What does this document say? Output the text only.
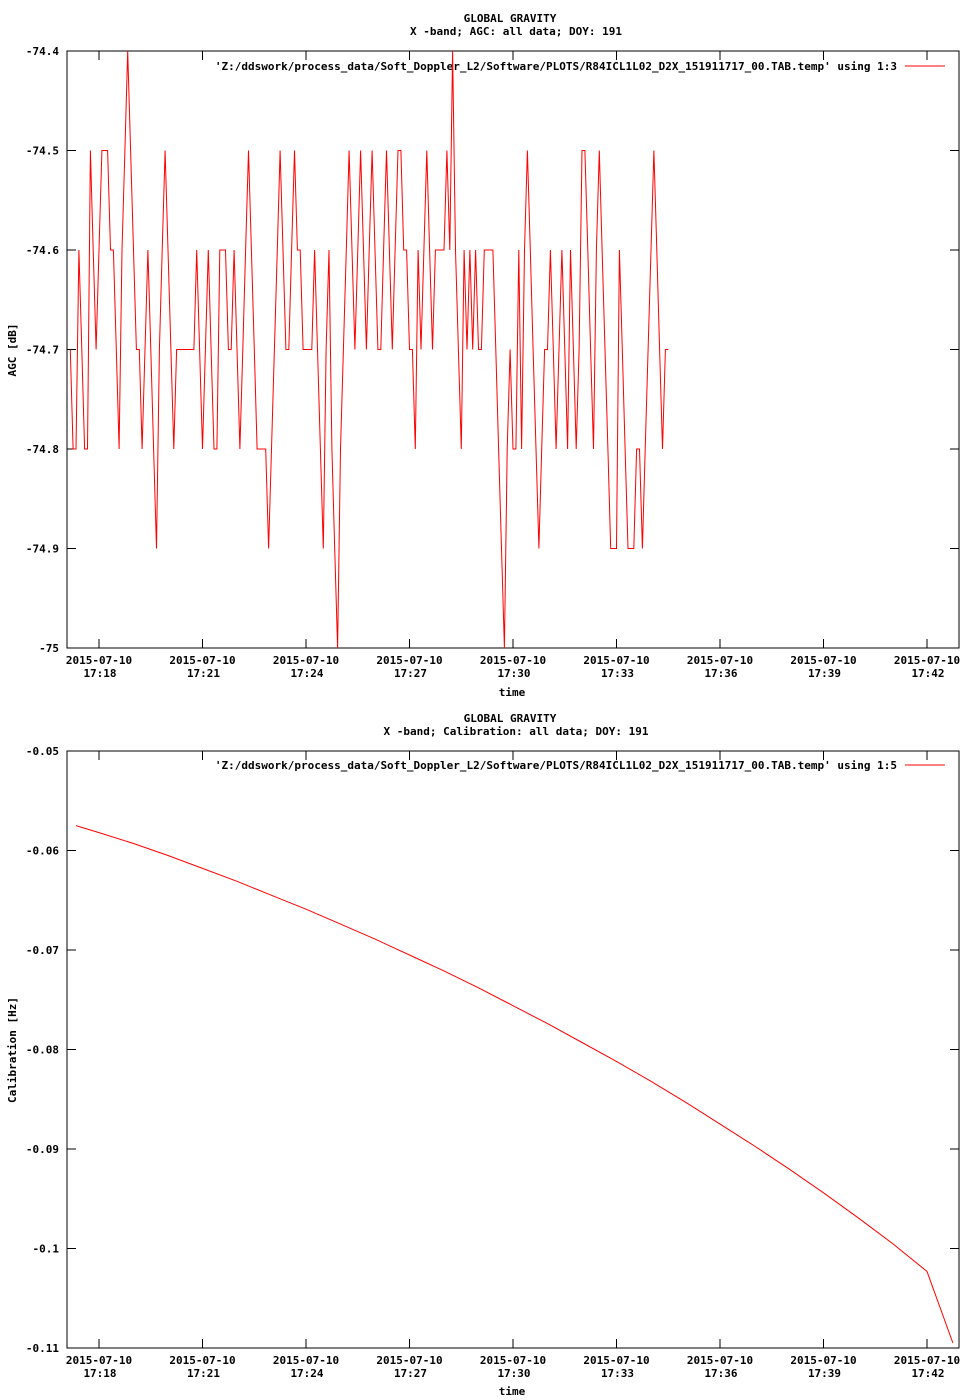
GLOBAL GRAVITY
X -band; AGC: all data; DOY: 191
'Z:/ddswork/process_data/Soft_Doppler_L2/Software/PLOTS/R84ICL1L02_D2X_151911717_00.TAB.temp' using 1:3
time
AGC [dB]
-74.4
-74.5
-74.6
-74.7
-74.8
-74.9
-75
2015-07-10
17:18
2015-07-10
17:21
2015-07-10
17:24
2015-07-10
17:27
2015-07-10
17:30
2015-07-10
17:33
2015-07-10
17:36
2015-07-10
17:39
2015-07-10
17:42
GLOBAL GRAVITY
X -band; Calibration: all data; DOY: 191
'Z:/ddswork/process_data/Soft_Doppler_L2/Software/PLOTS/R84ICL1L02_D2X_151911717_00.TAB.temp' using 1:5
time
Calibration [Hz]
-0.05
-0.06
-0.07
-0.08
-0.09
-0.1
-0.11
2015-07-10
17:18
2015-07-10
17:21
2015-07-10
17:24
2015-07-10
17:27
2015-07-10
17:30
2015-07-10
17:33
2015-07-10
17:36
2015-07-10
17:39
2015-07-10
17:42
